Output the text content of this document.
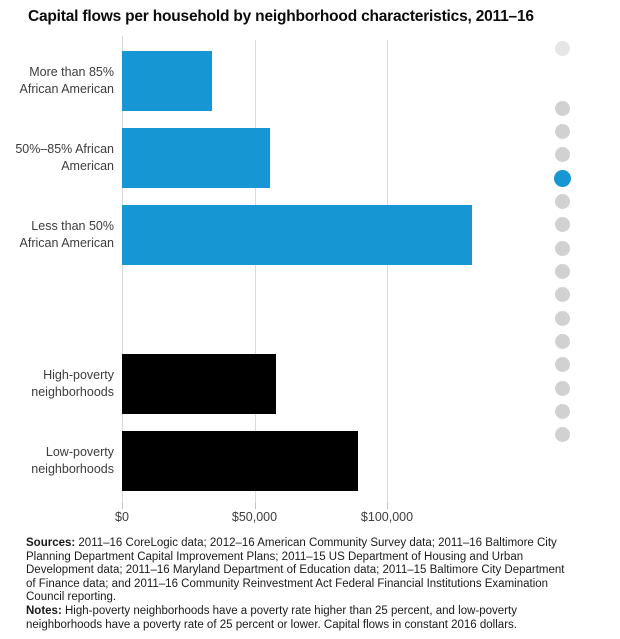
Capital flows per household by neighborhood characteristics, 2011–16
$0	$50,000	$100,000
More than 85%
African American
50%–85% African
American
Less than 50%
African American
High-poverty
neighborhoods
Low-poverty
neighborhoods

Sources: 2011–16 CoreLogic data; 2012–16 American Community Survey data; 2011–16 Baltimore City Planning Department Capital Improvement Plans; 2011–15 US Department of Housing and Urban Development data; 2011–16 Maryland Department of Education data; 2011–15 Baltimore City Department of Finance data; and 2011–16 Community Reinvestment Act Federal Financial Institutions Examination Council reporting.

Notes: High-poverty neighborhoods have a poverty rate higher than 25 percent, and low-poverty neighborhoods have a poverty rate of 25 percent or lower. Capital flows in constant 2016 dollars.
